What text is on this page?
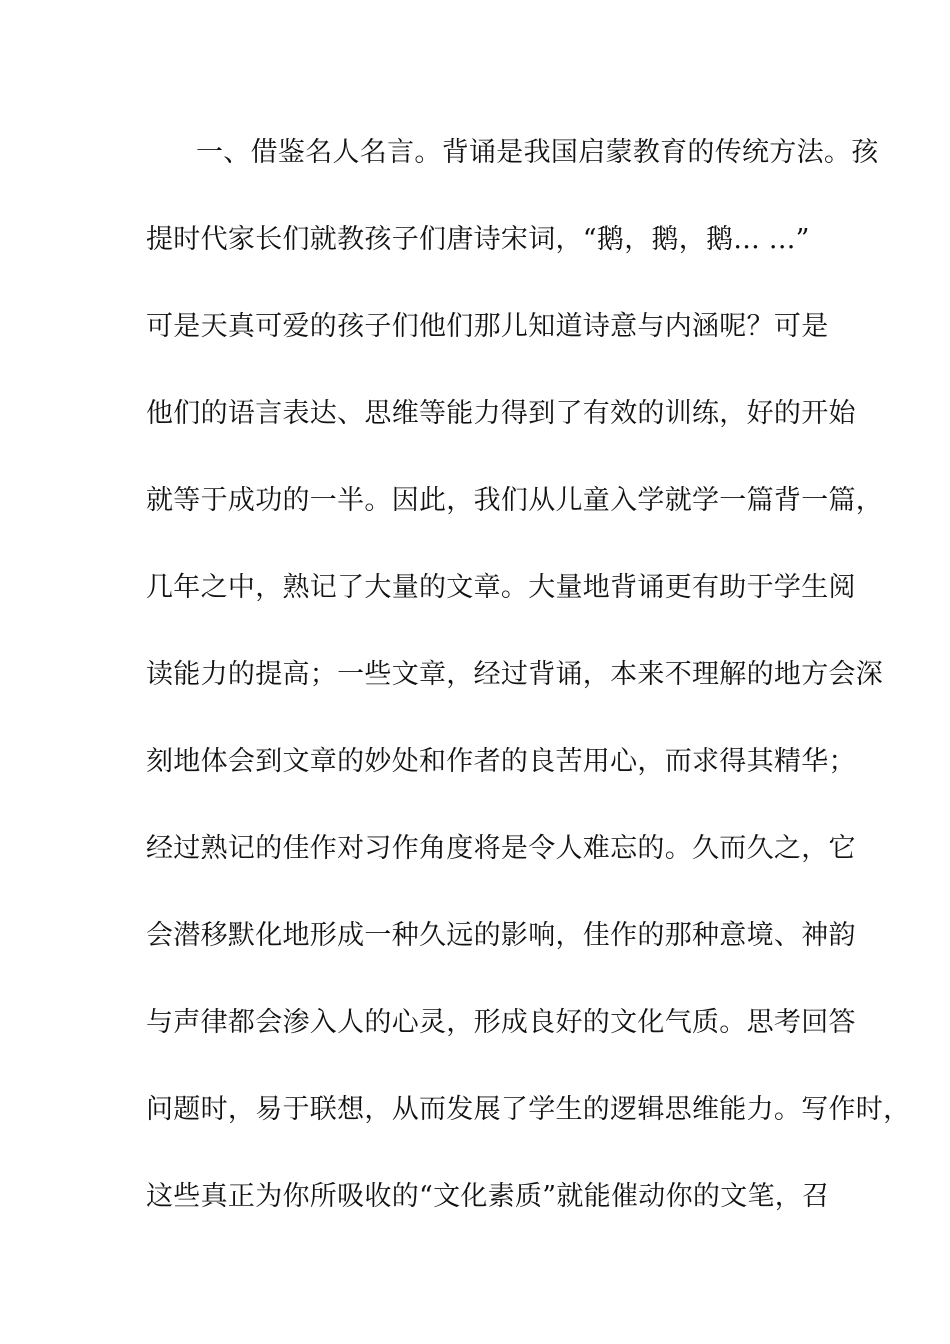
一、借鉴名人名言。背诵是我国启蒙教育的传统方法。孩
提时代家长们就教孩子们唐诗宋词，“鹅，鹅，鹅... ...”
可是天真可爱的孩子们他们那儿知道诗意与内涵呢？可是
他们的语言表达、思维等能力得到了有效的训练，好的开始
就等于成功的一半。因此，我们从儿童入学就学一篇背一篇，
几年之中，熟记了大量的文章。大量地背诵更有助于学生阅
读能力的提高；一些文章，经过背诵，本来不理解的地方会深
刻地体会到文章的妙处和作者的良苦用心，而求得其精华；
经过熟记的佳作对习作角度将是令人难忘的。久而久之，它
会潜移默化地形成一种久远的影响，佳作的那种意境、神韵
与声律都会渗入人的心灵，形成良好的文化气质。思考回答
问题时，易于联想，从而发展了学生的逻辑思维能力。写作时，
这些真正为你所吸收的“文化素质”就能催动你的文笔，召
